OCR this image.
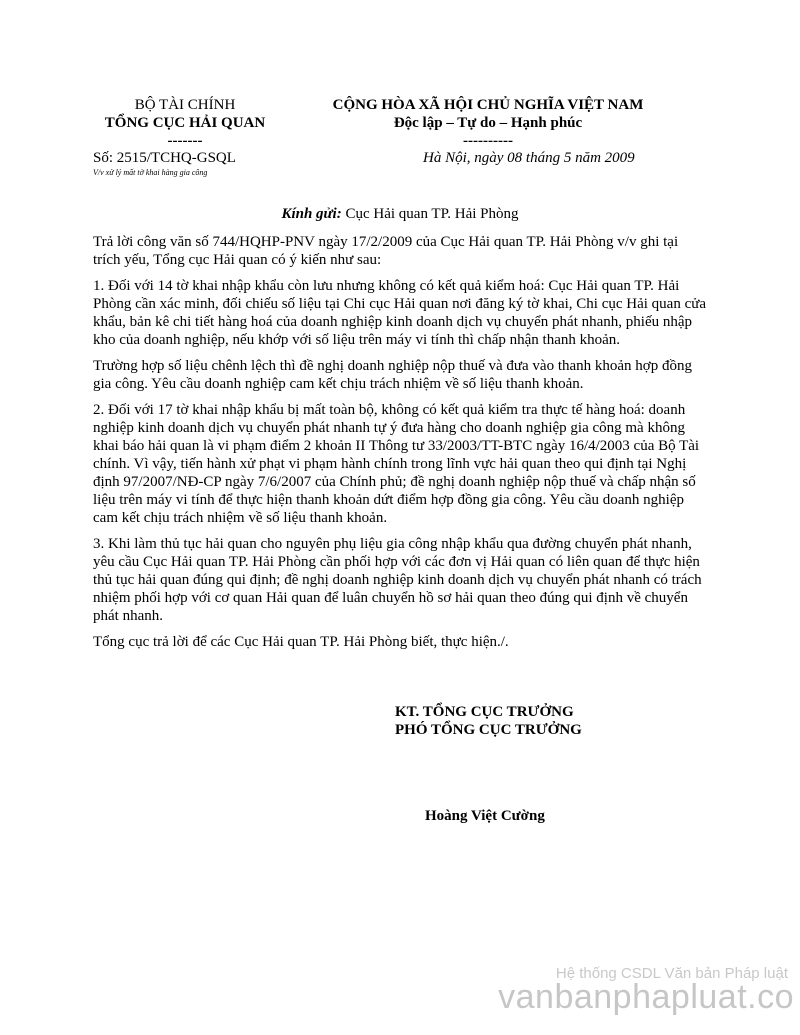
BỘ TÀI CHÍNH
TỔNG CỤC HẢI QUAN
-------
CỘNG HÒA XÃ HỘI CHỦ NGHĨA VIỆT NAM
Độc lập – Tự do – Hạnh phúc
----------
Số: 2515/TCHQ-GSQL
V/v xử lý mất tờ khai hàng gia công
Hà Nội, ngày 08 tháng 5 năm 2009
Kính gửi: Cục Hải quan TP. Hải Phòng

Trả lời công văn số 744/HQHP-PNV ngày 17/2/2009 của Cục Hải quan TP. Hải Phòng v/v ghi tại trích yếu, Tổng cục Hải quan có ý kiến như sau:

1. Đối với 14 tờ khai nhập khẩu còn lưu nhưng không có kết quả kiểm hoá: Cục Hải quan TP. Hải Phòng cần xác minh, đối chiếu số liệu tại Chi cục Hải quan nơi đăng ký tờ khai, Chi cục Hải quan cửa khẩu, bản kê chi tiết hàng hoá của doanh nghiệp kinh doanh dịch vụ chuyển phát nhanh, phiếu nhập kho của doanh nghiệp, nếu khớp với số liệu trên máy vi tính thì chấp nhận thanh khoản.

Trường hợp số liệu chênh lệch thì đề nghị doanh nghiệp nộp thuế và đưa vào thanh khoản hợp đồng gia công. Yêu cầu doanh nghiệp cam kết chịu trách nhiệm về số liệu thanh khoản.

2. Đối với 17 tờ khai nhập khẩu bị mất toàn bộ, không có kết quả kiểm tra thực tế hàng hoá: doanh nghiệp kinh doanh dịch vụ chuyển phát nhanh tự ý đưa hàng cho doanh nghiệp gia công mà không khai báo hải quan là vi phạm điểm 2 khoản II Thông tư 33/2003/TT-BTC ngày 16/4/2003 của Bộ Tài chính. Vì vậy, tiến hành xử phạt vi phạm hành chính trong lĩnh vực hải quan theo qui định tại Nghị định 97/2007/NĐ-CP ngày 7/6/2007 của Chính phủ; đề nghị doanh nghiệp nộp thuế và chấp nhận số liệu trên máy vi tính để thực hiện thanh khoản dứt điểm hợp đồng gia công. Yêu cầu doanh nghiệp cam kết chịu trách nhiệm về số liệu thanh khoản.

3. Khi làm thủ tục hải quan cho nguyên phụ liệu gia công nhập khẩu qua đường chuyển phát nhanh, yêu cầu Cục Hải quan TP. Hải Phòng cần phối hợp với các đơn vị Hải quan có liên quan để thực hiện thủ tục hải quan đúng qui định; đề nghị doanh nghiệp kinh doanh dịch vụ chuyển phát nhanh có trách nhiệm phối hợp với cơ quan Hải quan để luân chuyển hồ sơ hải quan theo đúng qui định về chuyển phát nhanh.

Tổng cục trả lời để các Cục Hải quan TP. Hải Phòng biết, thực hiện./.

KT. TỔNG CỤC TRƯỞNG
PHÓ TỔNG CỤC TRƯỞNG
Hoàng Việt Cường
Hệ thống CSDL Văn bản Pháp luật
vanbanphapluat.co
